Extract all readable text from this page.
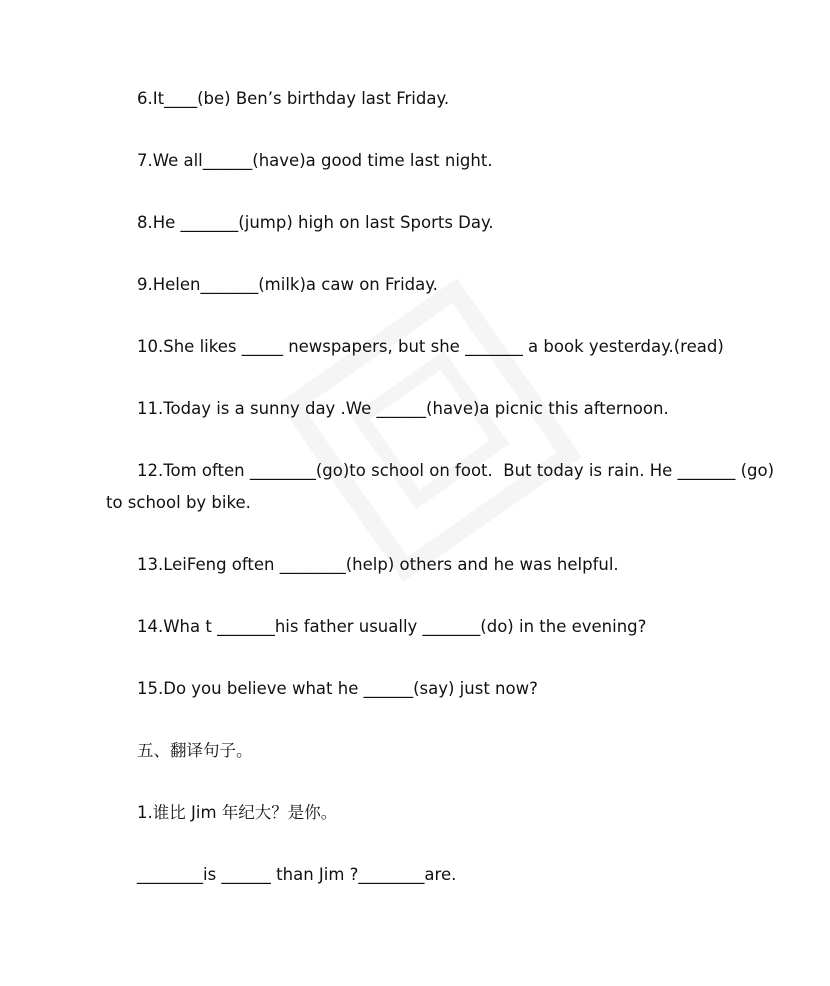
6.It____(be) Ben’s birthday last Friday.
7.We all______(have)a good time last night.
8.He _______(jump) high on last Sports Day.
9.Helen_______(milk)a caw on Friday.
10.She likes _____ newspapers, but she _______ a book yesterday.(read)
11.Today is a sunny day .We ______(have)a picnic this afternoon.
12.Tom often ________(go)to school on foot.  But today is rain. He _______ (go)
to school by bike.
13.LeiFeng often ________(help) others and he was helpful.
14.Wha t _______his father usually _______(do) in the evening?
15.Do you believe what he ______(say) just now?
五、翻译句子。
1.谁比 Jim 年纪大？是你。
________is ______ than Jim ?________are.
